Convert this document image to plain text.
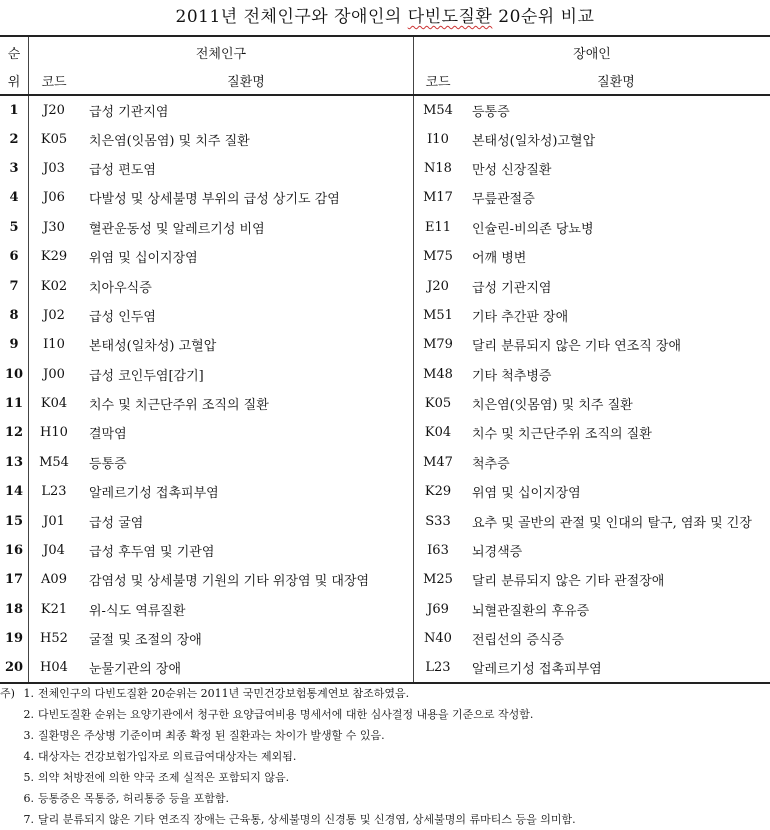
2011년 전체인구와 장애인의 다빈도질환 20순위 비교
순	전체인구		장애인	
위	코드	질환명	코드	질환명
1	J20	급성 기관지염	M54	등통증
2	K05	치은염(잇몸염) 및 치주 질환	I10	본태성(일차성)고혈압
3	J03	급성 편도염	N18	만성 신장질환
4	J06	다발성 및 상세불명 부위의 급성 상기도 감염	M17	무릎관절증
5	J30	혈관운동성 및 알레르기성 비염	E11	인슐린-비의존 당뇨병
6	K29	위염 및 십이지장염	M75	어깨 병변
7	K02	치아우식증	J20	급성 기관지염
8	J02	급성 인두염	M51	기타 추간판 장애
9	I10	본태성(일차성) 고혈압	M79	달리 분류되지 않은 기타 연조직 장애
10	J00	급성 코인두염[감기]	M48	기타 척추병증
11	K04	치수 및 치근단주위 조직의 질환	K05	치은염(잇몸염) 및 치주 질환
12	H10	결막염	K04	치수 및 치근단주위 조직의 질환
13	M54	등통증	M47	척추증
14	L23	알레르기성 접촉피부염	K29	위염 및 십이지장염
15	J01	급성 굴염	S33	요추 및 골반의 관절 및 인대의 탈구, 염좌 및 긴장
16	J04	급성 후두염 및 기관염	I63	뇌경색증
17	A09	감염성 및 상세불명 기원의 기타 위장염 및 대장염	M25	달리 분류되지 않은 기타 관절장애
18	K21	위-식도 역류질환	J69	뇌혈관질환의 후유증
19	H52	굴절 및 조절의 장애	N40	전립선의 증식증
20	H04	눈물기관의 장애	L23	알레르기성 접촉피부염
주) 1. 전체인구의 다빈도질환 20순위는 2011년 국민건강보험통계연보 참조하였음.
2. 다빈도질환 순위는 요양기관에서 청구한 요양급여비용 명세서에 대한 심사결정 내용을 기준으로 작성함.
3. 질환명은 주상병 기준이며 최종 확정 된 질환과는 차이가 발생할 수 있음.
4. 대상자는 건강보험가입자로 의료급여대상자는 제외됨.
5. 의약 처방전에 의한 약국 조제 실적은 포함되지 않음.
6. 등통증은 목통증, 허리통증 등을 포함함.
7. 달리 분류되지 않은 기타 연조직 장애는 근육통, 상세불명의 신경통 및 신경염, 상세불명의 류마티스 등을 의미함.
